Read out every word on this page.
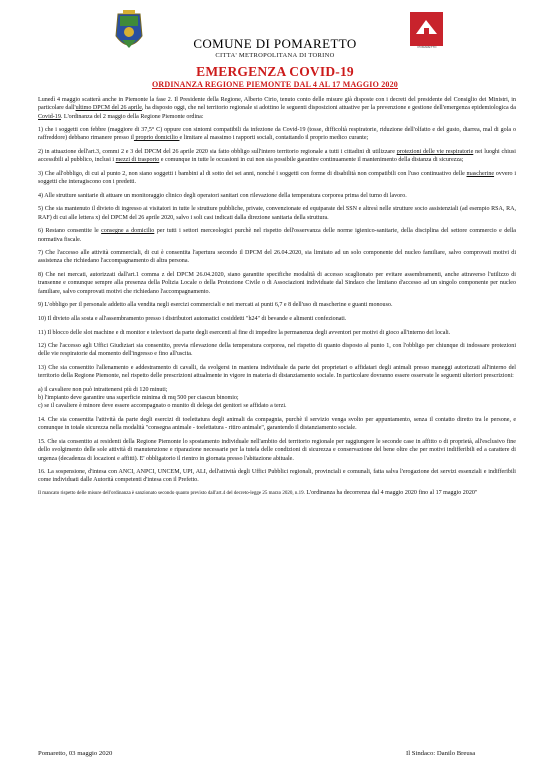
POMARETTO
COMUNE DI POMARETTO
CITTA' METROPOLITANA DI TORINO
EMERGENZA COVID-19
ORDINANZA REGIONE PIEMONTE DAL 4 AL 17 MAGGIO 2020

Lunedì 4 maggio scatterà anche in Piemonte la fase 2. Il Presidente della Regione, Alberto Cirio, tenuto conto delle misure già disposte con i decreti del presidente del Consiglio dei Ministri, in particolare dall'ultimo DPCM del 26 aprile, ha disposto oggi, che nel territorio regionale si adottino le seguenti disposizioni attuative per la prevenzione e gestione dell'emergenza epidemiologica da Covid-19. L'ordinanza del 2 maggio della Regione Piemonte ordina:

1) che i soggetti con febbre (maggiore di 37,5° C) oppure con sintomi compatibili da infezione da Covid-19 (tosse, difficoltà respiratorie, riduzione dell'olfatto e del gusto, diarrea, mal di gola o raffreddore) debbano rimanere presso il proprio domicilio e limitare al massimo i rapporti sociali, contattando il proprio medico curante;

2) in attuazione dell'art.3, commi 2 e 3 del DPCM del 26 aprile 2020 sia fatto obbligo sull'intero territorio regionale a tutti i cittadini di utilizzare protezioni delle vie respiratorie nei luoghi chiusi accessibili al pubblico, inclusi i mezzi di trasporto e comunque in tutte le occasioni in cui non sia possibile garantire continuamente il mantenimento della distanza di sicurezza;

3) Che all'obbligo, di cui al punto 2, non siano soggetti i bambini al di sotto dei sei anni, nonché i soggetti con forme di disabilità non compatibili con l'uso continuativo delle mascherine ovvero i soggetti che interagiscono con i predetti.

4) Alle strutture sanitarie di attuare un monitoraggio clinico degli operatori sanitari con rilevazione della temperatura corporea prima del turno di lavoro.

5) Che sia mantenuto il divieto di ingresso ai visitatori in tutte le strutture pubbliche, private, convenzionate ed equiparate del SSN e altresì nelle strutture socio assistenziali (ad esempio RSA, RA, RAF) di cui alle lettera x) del DPCM del 26 aprile 2020, salvo i soli casi indicati dalla direzione sanitaria della struttura.

6) Restano consentite le consegne a domicilio per tutti i settori merceologici purchè nel rispetto dell'osservanza delle norme igienico-sanitarie, della disciplina del settore commercio e della normativa fiscale.

7) Che l'accesso alle attività commerciali, di cui è consentita l'apertura secondo il DPCM del 26.04.2020, sia limitato ad un solo componente del nucleo familiare, salvo comprovati motivi di assistenza che richiedano l'accompagnamento di altra persona.

8) Che nei mercati, autorizzati dall'art.1 comma z del DPCM 26.04.2020, siano garantite specifiche modalità di accesso scaglionato per evitare assembramenti, anche attraverso l'utilizzo di transenne e comunque sempre alla presenza della Polizia Locale o della Protezione Civile o di Associazioni individuate dal Sindaco che limitano d'accesso ad un singolo componente per nucleo familiare, salvo comprovati motivi che richiedano l'accompagnamento.

9) L'obbligo per il personale addetto alla vendita negli esercizi commerciali e nei mercati ai punti 6,7 e 8 dell'uso di mascherine e guanti monouso.

10) Il divieto alla sosta e all'assembramento presso i distributori automatici cosiddetti "h24" di bevande e alimenti confezionati.

11) Il blocco delle slot machine e di monitor e televisori da parte degli esercenti al fine di impedire la permanenza degli avventori per motivi di gioco all'interno dei locali.

12) Che l'accesso agli Uffici Giudiziari sia consentito, previa rilevazione della temperatura corporea, nel rispetto di quanto disposto al punto 1, con l'obbligo per chiunque di indossare protezioni delle vie respiratorie dal momento dell'ingresso e fino all'uscita.

13) Che sia consentito l'allenamento e addestramento di cavalli, da svolgersi in maniera individuale da parte dei proprietari o affidatari degli animali presso maneggi autorizzati all'interno del territorio della Regione Piemonte, nel rispetto delle prescrizioni attualmente in vigore in materia di distanziamento sociale. In particolare dovranno essere osservate le seguenti ulteriori prescrizioni:

a) il cavaliere non può intrattenersi più di 120 minuti;
b) l'impianto deve garantire una superficie minima di mq 500 per ciascun binomio;
c) se il cavaliere è minore deve essere accompagnato o munito di delega dei genitori se affidato a terzi.

14. Che sia consentita l'attività da parte degli esercizi di toelettatura degli animali da compagnia, purchè il servizio venga svolto per appuntamento, senza il contatto diretto tra le persone, e comunque in totale sicurezza nella modalità "consegna animale - toelettatura - ritiro animale", garantendo il distanziamento sociale.

15. Che sia consentito ai residenti della Regione Piemonte lo spostamento individuale nell'ambito del territorio regionale per raggiungere le seconde case in affitto o di proprietà, all'esclusivo fine dello svolgimento delle sole attività di manutenzione e riparazione necessarie per la tutela delle condizioni di sicurezza e conservazione del bene oltre che per motivi indifferibili ed a carattere di urgenza (decadenza di locazioni e affitti). E' obbligatorio il rientro in giornata presso l'abitazione abituale.

16. La sospensione, d'intesa con ANCI, ANPCI, UNCEM, UPI, ALI, dell'attività degli Uffici Pubblici regionali, provinciali e comunali, fatta salva l'erogazione dei servizi essenziali e indifferibili come individuati dalle Autorità competenti d'intesa con il Prefetto.

Il mancato rispetto delle misure dell'ordinanza è sanzionato secondo quanto previsto dall'art.4 del decreto-legge 25 marzo 2020, n.19. L'ordinanza ha decorrenza dal 4 maggio 2020 fino al 17 maggio 2020"

Pomaretto, 03 maggio 2020	Il Sindaco: Danilo Breusa
